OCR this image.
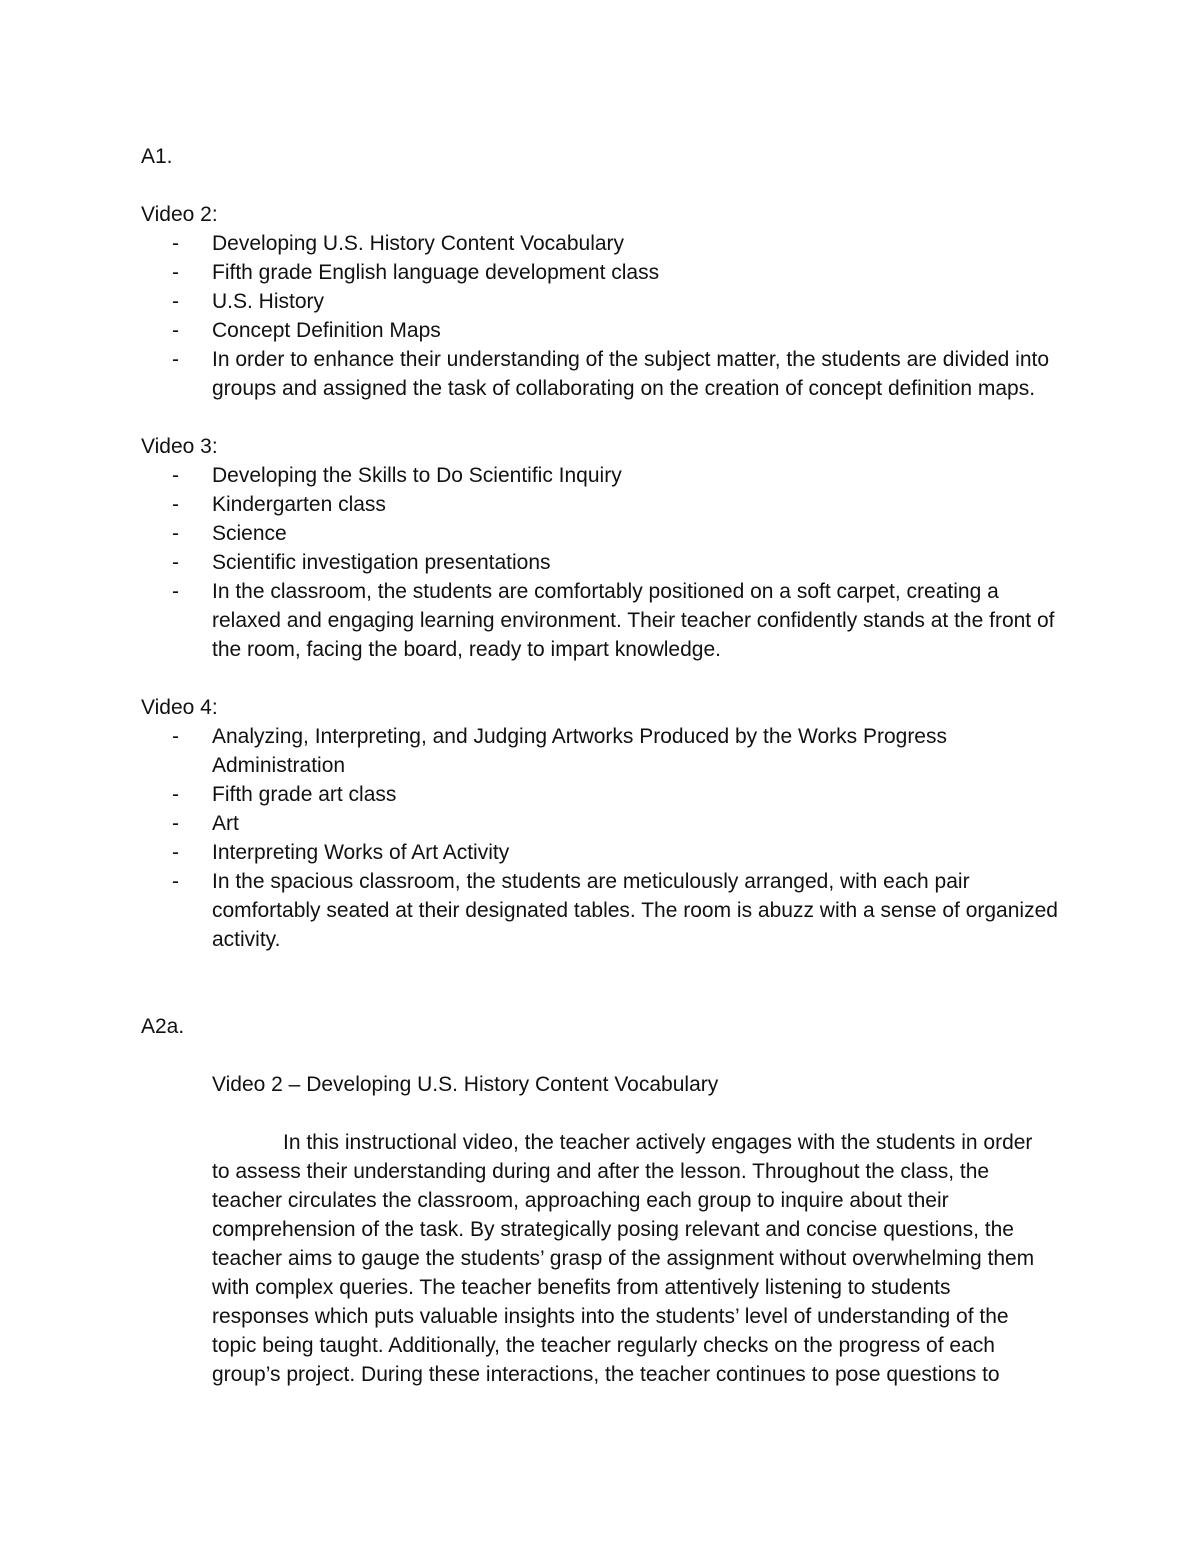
A1.
Video 2:
- Developing U.S. History Content Vocabulary
- Fifth grade English language development class
- U.S. History
- Concept Definition Maps
- In order to enhance their understanding of the subject matter, the students are divided into groups and assigned the task of collaborating on the creation of concept definition maps.
Video 3:
- Developing the Skills to Do Scientific Inquiry
- Kindergarten class
- Science
- Scientific investigation presentations
- In the classroom, the students are comfortably positioned on a soft carpet, creating a relaxed and engaging learning environment. Their teacher confidently stands at the front of the room, facing the board, ready to impart knowledge.
Video 4:
- Analyzing, Interpreting, and Judging Artworks Produced by the Works Progress Administration
- Fifth grade art class
- Art
- Interpreting Works of Art Activity
- In the spacious classroom, the students are meticulously arranged, with each pair comfortably seated at their designated tables. The room is abuzz with a sense of organized activity.
A2a.
Video 2 – Developing U.S. History Content Vocabulary

In this instructional video, the teacher actively engages with the students in order to assess their understanding during and after the lesson. Throughout the class, the teacher circulates the classroom, approaching each group to inquire about their comprehension of the task. By strategically posing relevant and concise questions, the teacher aims to gauge the students’ grasp of the assignment without overwhelming them with complex queries. The teacher benefits from attentively listening to students responses which puts valuable insights into the students’ level of understanding of the topic being taught. Additionally, the teacher regularly checks on the progress of each group’s project. During these interactions, the teacher continues to pose questions to
